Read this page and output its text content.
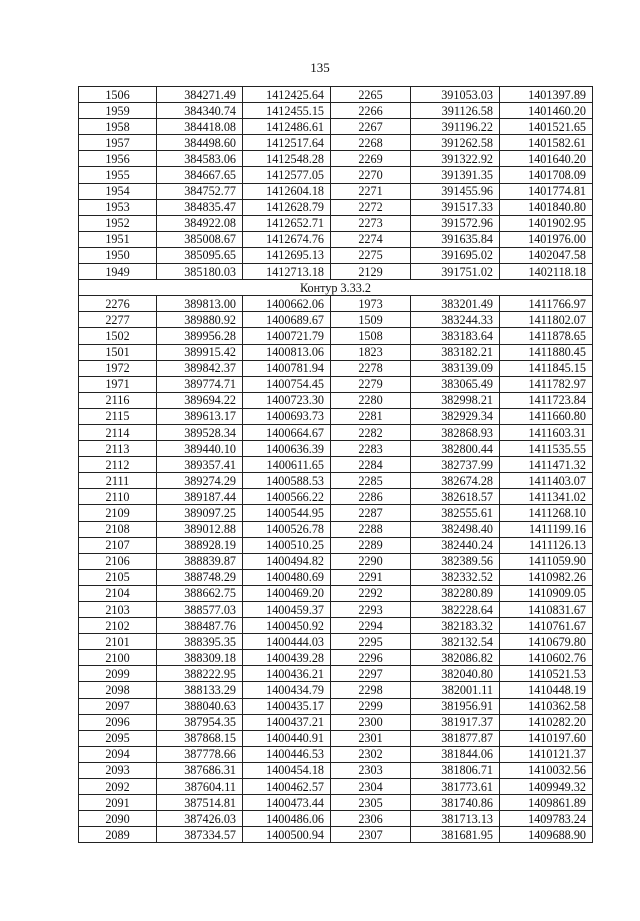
135
1506	384271.49	1412425.64	2265	391053.03	1401397.89
1959	384340.74	1412455.15	2266	391126.58	1401460.20
1958	384418.08	1412486.61	2267	391196.22	1401521.65
1957	384498.60	1412517.64	2268	391262.58	1401582.61
1956	384583.06	1412548.28	2269	391322.92	1401640.20
1955	384667.65	1412577.05	2270	391391.35	1401708.09
1954	384752.77	1412604.18	2271	391455.96	1401774.81
1953	384835.47	1412628.79	2272	391517.33	1401840.80
1952	384922.08	1412652.71	2273	391572.96	1401902.95
1951	385008.67	1412674.76	2274	391635.84	1401976.00
1950	385095.65	1412695.13	2275	391695.02	1402047.58
1949	385180.03	1412713.18	2129	391751.02	1402118.18
Контур 3.33.2					
2276	389813.00	1400662.06	1973	383201.49	1411766.97
2277	389880.92	1400689.67	1509	383244.33	1411802.07
1502	389956.28	1400721.79	1508	383183.64	1411878.65
1501	389915.42	1400813.06	1823	383182.21	1411880.45
1972	389842.37	1400781.94	2278	383139.09	1411845.15
1971	389774.71	1400754.45	2279	383065.49	1411782.97
2116	389694.22	1400723.30	2280	382998.21	1411723.84
2115	389613.17	1400693.73	2281	382929.34	1411660.80
2114	389528.34	1400664.67	2282	382868.93	1411603.31
2113	389440.10	1400636.39	2283	382800.44	1411535.55
2112	389357.41	1400611.65	2284	382737.99	1411471.32
2111	389274.29	1400588.53	2285	382674.28	1411403.07
2110	389187.44	1400566.22	2286	382618.57	1411341.02
2109	389097.25	1400544.95	2287	382555.61	1411268.10
2108	389012.88	1400526.78	2288	382498.40	1411199.16
2107	388928.19	1400510.25	2289	382440.24	1411126.13
2106	388839.87	1400494.82	2290	382389.56	1411059.90
2105	388748.29	1400480.69	2291	382332.52	1410982.26
2104	388662.75	1400469.20	2292	382280.89	1410909.05
2103	388577.03	1400459.37	2293	382228.64	1410831.67
2102	388487.76	1400450.92	2294	382183.32	1410761.67
2101	388395.35	1400444.03	2295	382132.54	1410679.80
2100	388309.18	1400439.28	2296	382086.82	1410602.76
2099	388222.95	1400436.21	2297	382040.80	1410521.53
2098	388133.29	1400434.79	2298	382001.11	1410448.19
2097	388040.63	1400435.17	2299	381956.91	1410362.58
2096	387954.35	1400437.21	2300	381917.37	1410282.20
2095	387868.15	1400440.91	2301	381877.87	1410197.60
2094	387778.66	1400446.53	2302	381844.06	1410121.37
2093	387686.31	1400454.18	2303	381806.71	1410032.56
2092	387604.11	1400462.57	2304	381773.61	1409949.32
2091	387514.81	1400473.44	2305	381740.86	1409861.89
2090	387426.03	1400486.06	2306	381713.13	1409783.24
2089	387334.57	1400500.94	2307	381681.95	1409688.90
